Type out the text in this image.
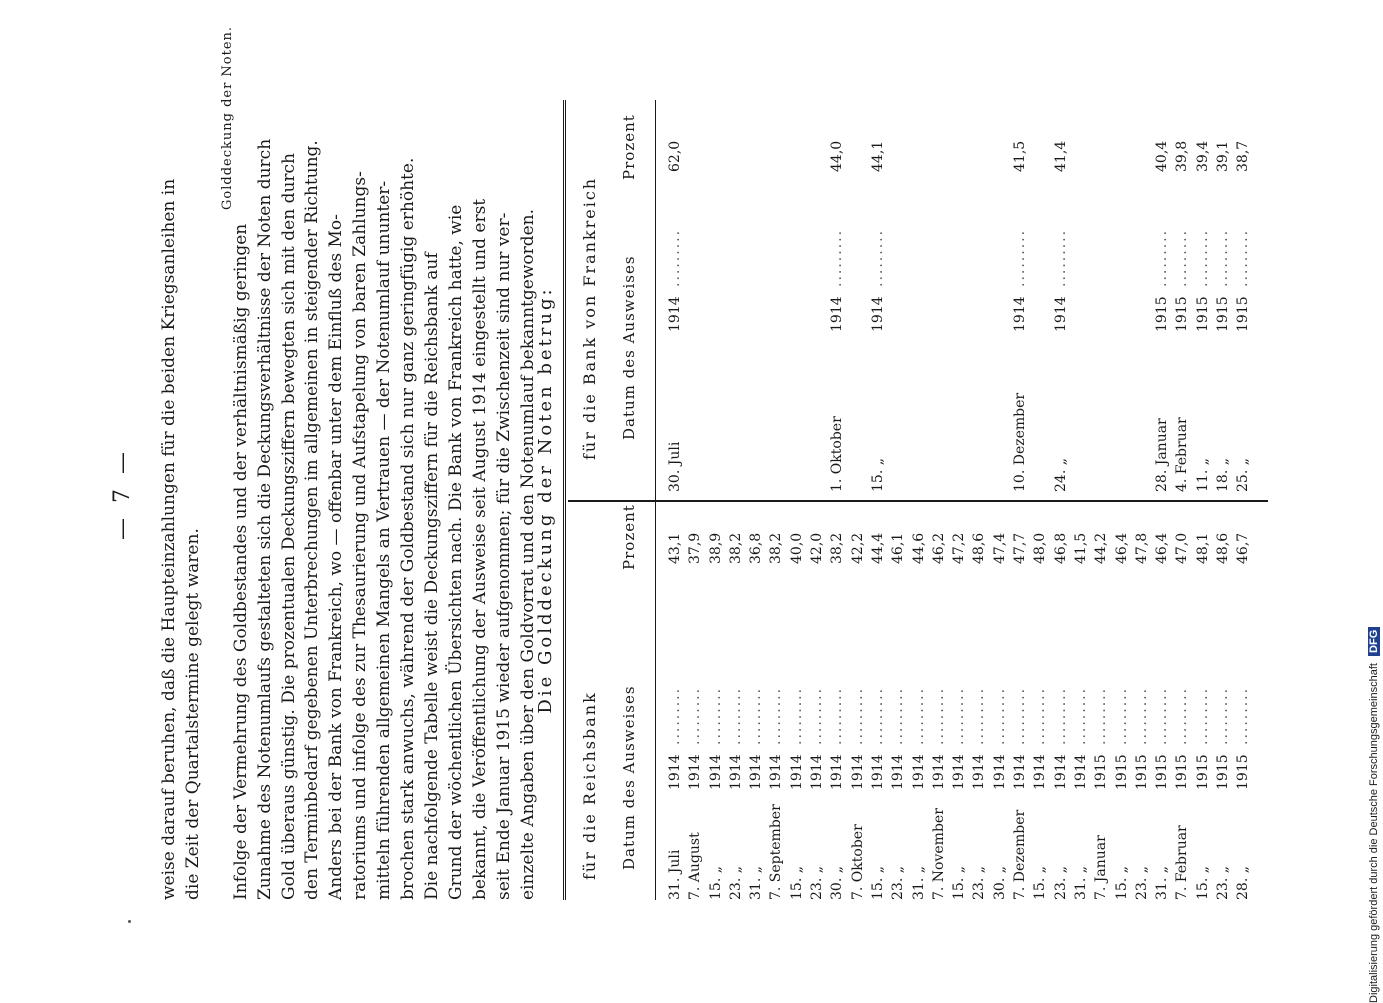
— 7 — weise darauf beruhen, daß die Haupteinzahlungen für die beiden Kriegsanleihen in die Zeit der Quartalstermine gelegt waren. Infolge der Vermehrung des Goldbestandes und der verhältnismäßig geringen Zunahme des Notenumlaufs gestalteten sich die Deckungsverhältnisse der Noten durch Gold überaus günstig. Die prozentualen Deckungsziffern bewegten sich mit den durch den Terminbedarf gegebenen Unterbrechungen im allgemeinen in steigender Richtung. Anders bei der Bank von Frankreich, wo — offenbar unter dem Einfluß des Mo- ratoriums und infolge des zur Thesaurierung und Aufstapelung von baren Zahlungs- mitteln führenden allgemeinen Mangels an Vertrauen — der Notenumlauf ununter- brochen stark anwuchs, während der Goldbestand sich nur ganz geringfügig erhöhte. Die nachfolgende Tabelle weist die Deckungsziffern für die Reichsbank auf Grund der wöchentlichen Übersichten nach. Die Bank von Frankreich hatte, wie bekannt, die Veröffentlichung der Ausweise seit August 1914 eingestellt und erst seit Ende Januar 1915 wieder aufgenommen; für die Zwischenzeit sind nur ver- einzelte Angaben über den Goldvorrat und den Notenumlauf bekanntgeworden.
Golddeckung der Noten.
Die Golddeckung der Noten betrug:
für die Reichsbank
für die Bank von Frankreich
Datum des Ausweises
Prozent
Datum des Ausweises
Prozent
31. Juli
1914
.........
43,1
7. August
1914
.........
37,9
15. „
1914
.........
38,9
23. „
1914
.........
38,2
31. „
1914
.........
36,8
7. September
1914
.........
38,2
15. „
1914
.........
40,0
23. „
1914
.........
42,0
30. „
1914
.........
38,2
7. Oktober
1914
.........
42,2
15. „
1914
.........
44,4
23. „
1914
.........
46,1
31. „
1914
.........
44,6
7. November
1914
.........
46,2
15. „
1914
.........
47,2
23. „
1914
.........
48,6
30. „
1914
.........
47,4
7. Dezember
1914
.........
47,7
15. „
1914
.........
48,0
23. „
1914
.........
46,8
31. „
1914
.........
41,5
7. Januar
1915
.........
44,2
15. „
1915
.........
46,4
23. „
1915
.........
47,8
31. „
1915
.........
46,4
7. Februar
1915
.........
47,0
15. „
1915
.........
48,1
23. „
1915
.........
48,6
28. „
1915
.........
46,7
30. Juli
1914
.........
62,0
1. Oktober
1914
.........
44,0
15. „
1914
.........
44,1
10. Dezember
1914
.........
41,5
24. „
1914
.........
41,4
28. Januar
1915
.........
40,4
4. Februar
1915
.........
39,8
11. „
1915
.........
39,4
18. „
1915
.........
39,1
25. „
1915
.........
38,7
Digitalisierung gefördert durch die Deutsche Forschungsgemeinschaft DFG
